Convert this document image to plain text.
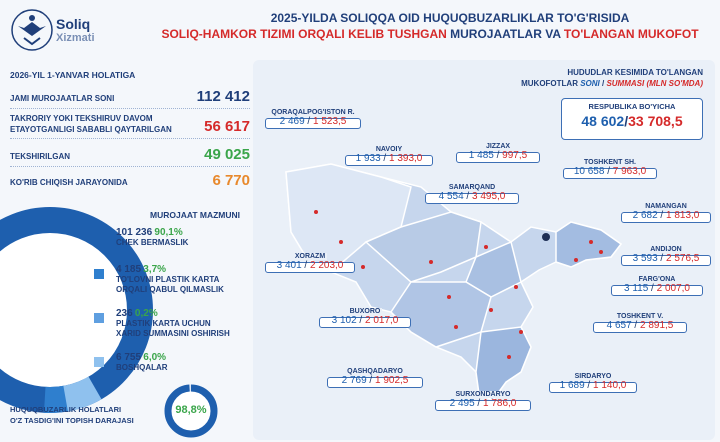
Soliq
Xizmati
2025-YILDA SOLIQQA OID HUQUQBUZARLIKLAR TO'G'RISIDA
SOLIQ-HAMKOR TIZIMI ORQALI KELIB TUSHGAN MUROJAATLAR VA TO'LANGAN MUKOFOT
2026-YIL 1-YANVAR HOLATIGA
JAMI MUROJAATLAR SONI	112 412
TAKRORIY YOKI TEKSHIRUV DAVOM
ETAYOTGANLIGI SABABLI QAYTARILGAN 56 617
TEKSHIRILGAN	49 025
KO'RIB CHIQISH JARAYONIDA	6 770
MUROJAAT MAZMUNI
101 236 90,1%
CHEK BERMASLIK

4 185 3,7%
TO'LOVNI PLASTIK KARTA
ORQALI QABUL QILMASLIK
236 0,2%
PLASTIK KARTA UCHUN
XARID SUMMASINI OSHIRISH
6 755 6,0%
BOSHQALAR

HUQUQBUZARLIK HOLATLARI
O'Z TASDIG'INI TOPISH DARAJASI
98,8%
HUDUDLAR KESIMIDA TO'LANGAN
MUKOFOTLAR SONI / SUMMASI (MLN SO'MDA)
RESPUBLIKA BO'YICHA
48 602/33 708,5
QORAQALPOG'ISTON R.
2 469 / 1 523,5
NAVOIY
1 933 / 1 393,0
JIZZAX
1 485 / 997,5
TOSHKENT SH.
10 658 / 7 963,0
SAMARQAND
4 554 / 3 495,0
NAMANGAN
2 682 / 1 813,0
XORAZM
3 401 / 2 203,0
ANDIJON
3 593 / 2 576,5
FARG'ONA
3 115 / 2 007,0
BUXORO
3 102 / 2 017,0	TOSHKENT V.
4 657 / 2 891,5
QASHQADARYO
2 769 / 1 902,5	SIRDARYO
1 689 / 1 140,0
SURXONDARYO
2 495 / 1 786,0
